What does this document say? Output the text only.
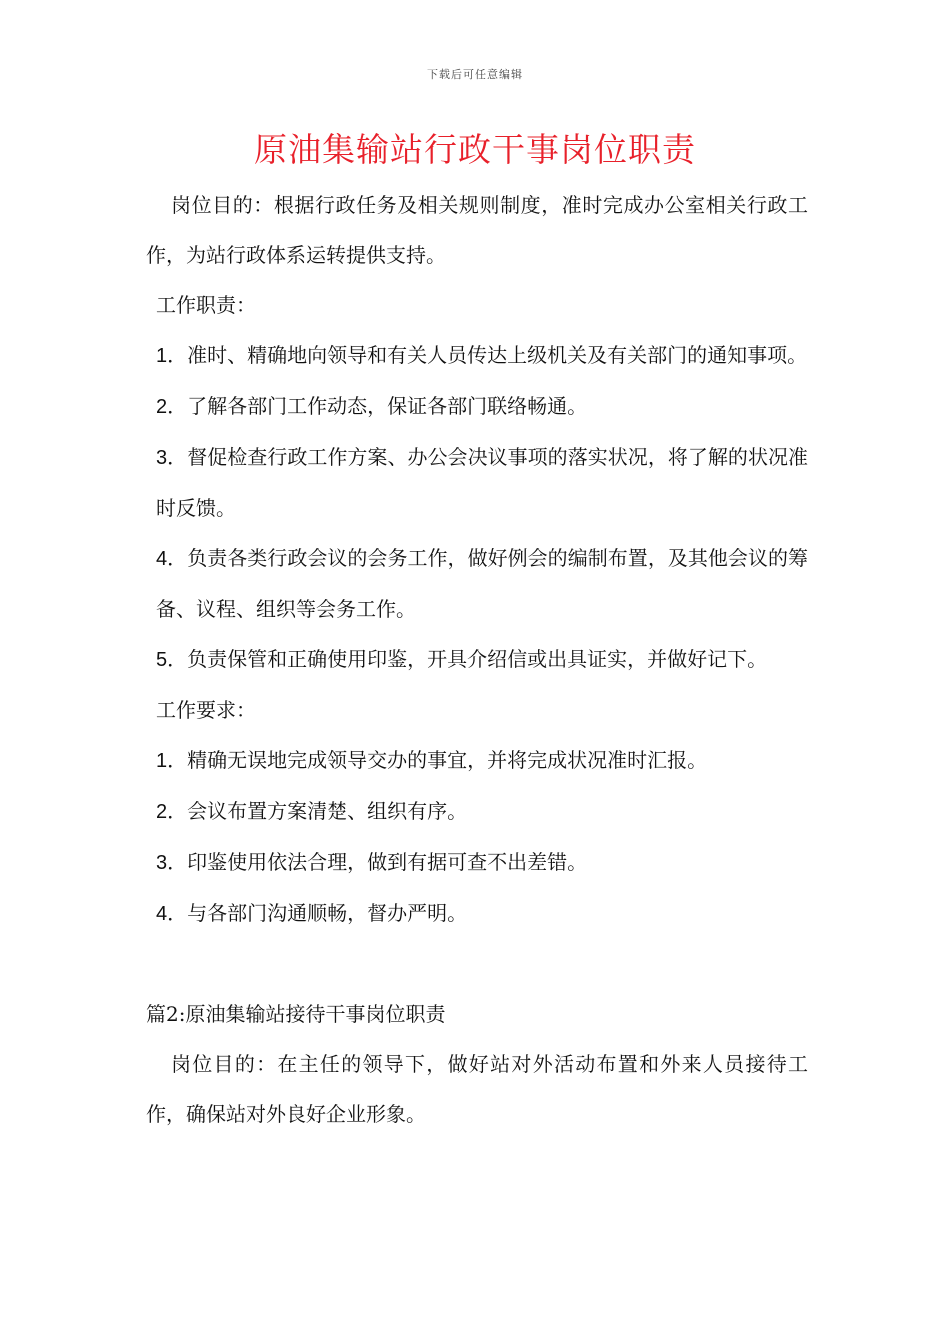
下载后可任意编辑
原油集输站行政干事岗位职责

岗位目的：根据行政任务及相关规则制度，准时完成办公室相关行政工作，为站行政体系运转提供支持。

工作职责：

1．准时、精确地向领导和有关人员传达上级机关及有关部门的通知事项。
2．了解各部门工作动态，保证各部门联络畅通。
3．督促检查行政工作方案、办公会决议事项的落实状况，将了解的状况准时反馈。
4．负责各类行政会议的会务工作，做好例会的编制布置，及其他会议的筹备、议程、组织等会务工作。
5．负责保管和正确使用印鉴，开具介绍信或出具证实，并做好记下。

工作要求：

1．精确无误地完成领导交办的事宜，并将完成状况准时汇报。
2．会议布置方案清楚、组织有序。
3．印鉴使用依法合理，做到有据可查不出差错。
4．与各部门沟通顺畅，督办严明。

篇2:原油集输站接待干事岗位职责

岗位目的：在主任的领导下，做好站对外活动布置和外来人员接待工作，确保站对外良好企业形象。
